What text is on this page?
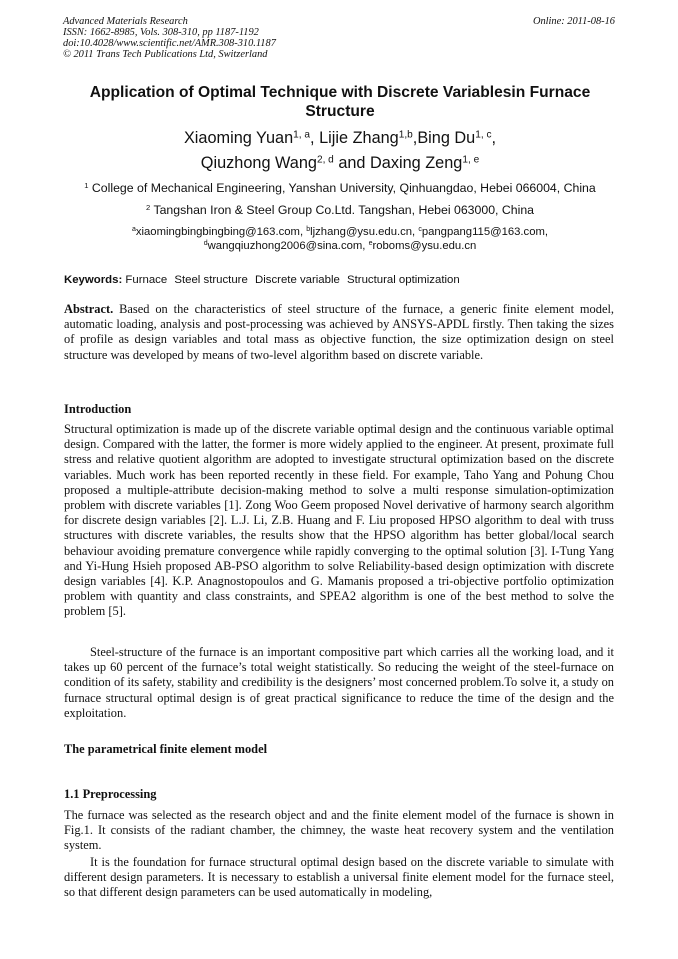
Advanced Materials Research	Online: 2011-08-16
ISSN: 1662-8985, Vols. 308-310, pp 1187-1192
doi:10.4028/www.scientific.net/AMR.308-310.1187
© 2011 Trans Tech Publications Ltd, Switzerland
Application of Optimal Technique with Discrete Variablesin Furnace Structure
Xiaoming Yuan$^{1, a}$, Lijie Zhang$^{1,b}$,Bing Du$^{1, c}$,
Qiuzhong Wang$^{2, d}$ and Daxing Zeng$^{1, e}$
$^1$ College of Mechanical Engineering, Yanshan University, Qinhuangdao, Hebei 066004, China
$^2$ Tangshan Iron & Steel Group Co.Ltd. Tangshan, Hebei 063000, China
$^a$xiaomingbingbingbing@163.com, $^b$ljzhang@ysu.edu.cn, $^c$pangpang115@163.com,
$^d$wangqiuzhong2006@sina.com, $^e$roboms@ysu.edu.cn
Keywords: Furnace Steel structure Discrete variable Structural optimization

Abstract. Based on the characteristics of steel structure of the furnace, a generic finite element model, automatic loading, analysis and post-processing was achieved by ANSYS-APDL firstly. Then taking the sizes of profile as design variables and total mass as objective function, the size optimization design on steel structure was developed by means of two-level algorithm based on discrete variable.

Introduction

Structural optimization is made up of the discrete variable optimal design and the continuous variable optimal design. Compared with the latter, the former is more widely applied to the engineer. At present, proximate full stress and relative quotient algorithm are adopted to investigate structural optimization based on the discrete variables. Much work has been reported recently in these field. For example, Taho Yang and Pohung Chou proposed a multiple-attribute decision-making method to solve a multi response simulation-optimization problem with discrete variables [1]. Zong Woo Geem proposed Novel derivative of harmony search algorithm for discrete design variables [2]. L.J. Li, Z.B. Huang and F. Liu proposed HPSO algorithm to deal with truss structures with discrete variables, the results show that the HPSO algorithm has better global/local search behaviour avoiding premature convergence while rapidly converging to the optimal solution [3]. I-Tung Yang and Yi-Hung Hsieh proposed AB-PSO algorithm to solve Reliability-based design optimization with discrete design variables [4]. K.P. Anagnostopoulos and G. Mamanis proposed a tri-objective portfolio optimization problem with quantity and class constraints, and SPEA2 algorithm is one of the best method to solve the problem [5].

Steel-structure of the furnace is an important compositive part which carries all the working load, and it takes up 60 percent of the furnace’s total weight statistically. So reducing the weight of the steel-furnace on condition of its safety, stability and credibility is the designers’ most concerned problem.To solve it, a study on furnace structural optimal design is of great practical significance to reduce the time of the design and the exploitation.

The parametrical finite element model
1.1 Preprocessing

The furnace was selected as the research object and and the finite element model of the furnace is shown in Fig.1. It consists of the radiant chamber, the chimney, the waste heat recovery system and the ventilation system.

It is the foundation for furnace structural optimal design based on the discrete variable to simulate with different design parameters. It is necessary to establish a universal finite element model for the furnace steel, so that different design parameters can be used automatically in modeling,
